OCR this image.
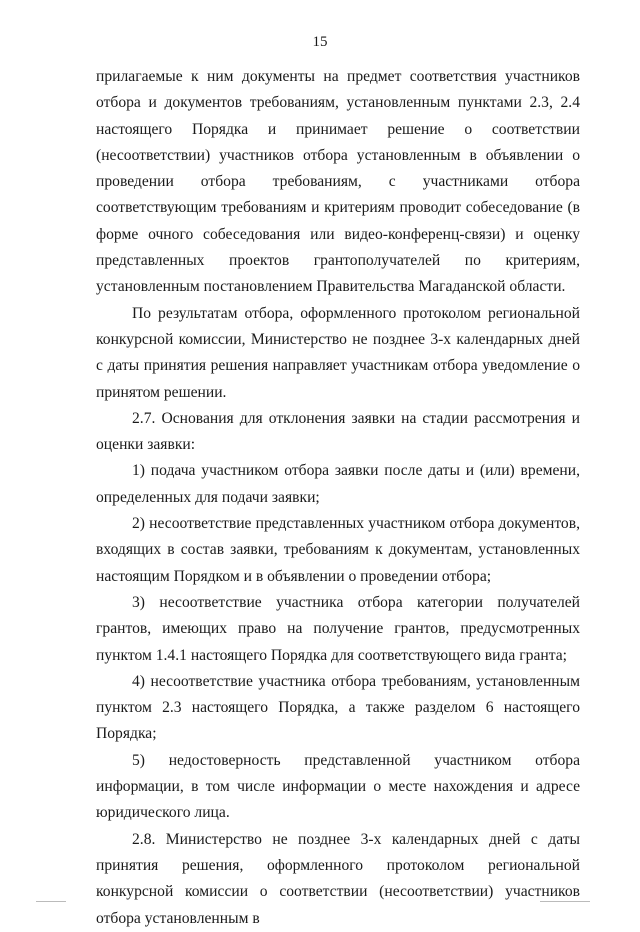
15

прилагаемые к ним документы на предмет соответствия участников отбора и документов требованиям, установленным пунктами 2.3, 2.4 настоящего Порядка и принимает решение о соответствии (несоответствии) участников отбора установленным в объявлении о проведении отбора требованиям, с участниками отбора соответствующим требованиям и критериям проводит собеседование (в форме очного собеседования или видео-конференц-связи) и оценку представленных проектов грантополучателей по критериям, установленным постановлением Правительства Магаданской области.

По результатам отбора, оформленного протоколом региональной конкурсной комиссии, Министерство не позднее 3-х календарных дней с даты принятия решения направляет участникам отбора уведомление о принятом решении.

2.7. Основания для отклонения заявки на стадии рассмотрения и оценки заявки:

1) подача участником отбора заявки после даты и (или) времени, определенных для подачи заявки;

2) несоответствие представленных участником отбора документов, входящих в состав заявки, требованиям к документам, установленных настоящим Порядком и в объявлении о проведении отбора;

3) несоответствие участника отбора категории получателей грантов, имеющих право на получение грантов, предусмотренных пунктом 1.4.1 настоящего Порядка для соответствующего вида гранта;

4) несоответствие участника отбора требованиям, установленным пунктом 2.3 настоящего Порядка, а также разделом 6 настоящего Порядка;

5) недостоверность представленной участником отбора информации, в том числе информации о месте нахождения и адресе юридического лица.

2.8. Министерство не позднее 3-х календарных дней с даты принятия решения, оформленного протоколом региональной конкурсной комиссии о соответствии (несоответствии) участников отбора установленным в
